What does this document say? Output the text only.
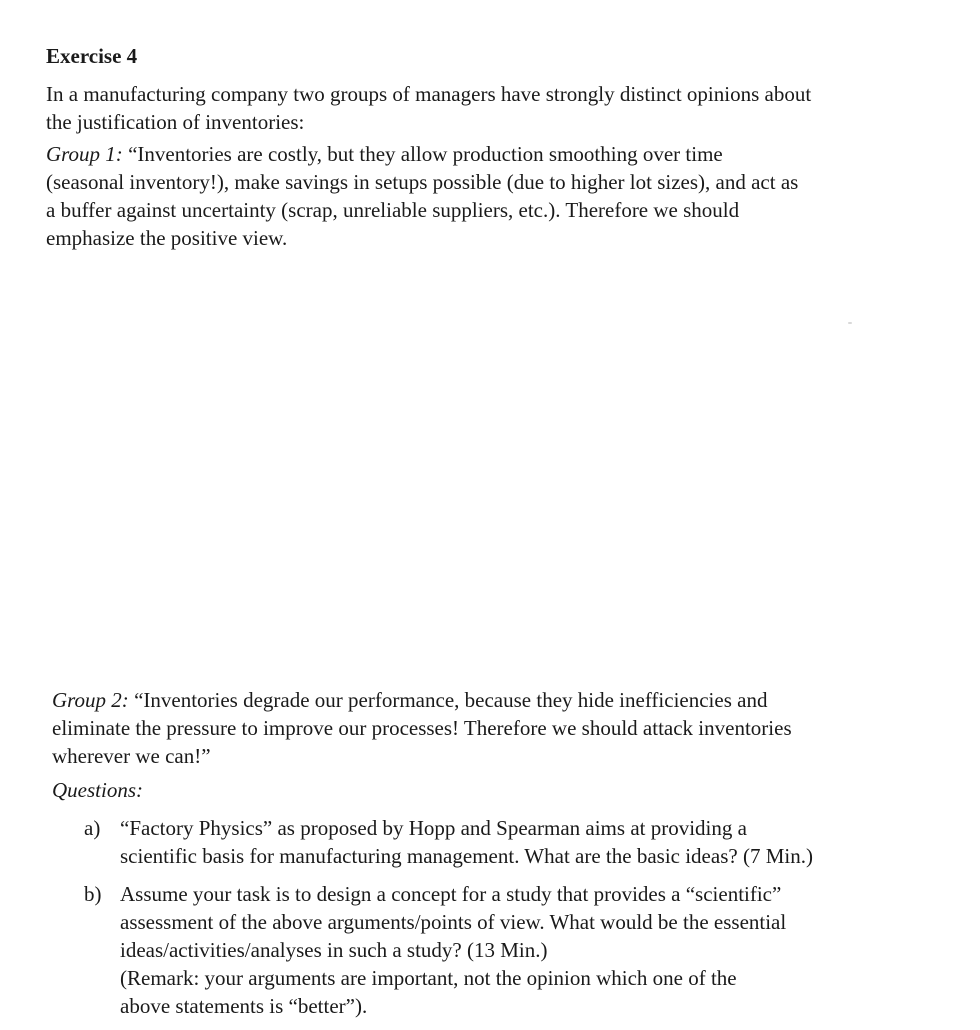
Exercise 4
In a manufacturing company two groups of managers have strongly distinct opinions about
the justification of inventories:
Group 1: “Inventories are costly, but they allow production smoothing over time
(seasonal inventory!), make savings in setups possible (due to higher lot sizes), and act as
a buffer against uncertainty (scrap, unreliable suppliers, etc.). Therefore we should
emphasize the positive view.
Group 2: “Inventories degrade our performance, because they hide inefficiencies and
eliminate the pressure to improve our processes! Therefore we should attack inventories
wherever we can!”
Questions:
a) “Factory Physics” as proposed by Hopp and Spearman aims at providing a
scientific basis for manufacturing management. What are the basic ideas? (7 Min.)
b) Assume your task is to design a concept for a study that provides a “scientific”
assessment of the above arguments/points of view. What would be the essential
ideas/activities/analyses in such a study? (13 Min.)
(Remark: your arguments are important, not the opinion which one of the
above statements is “better”).
